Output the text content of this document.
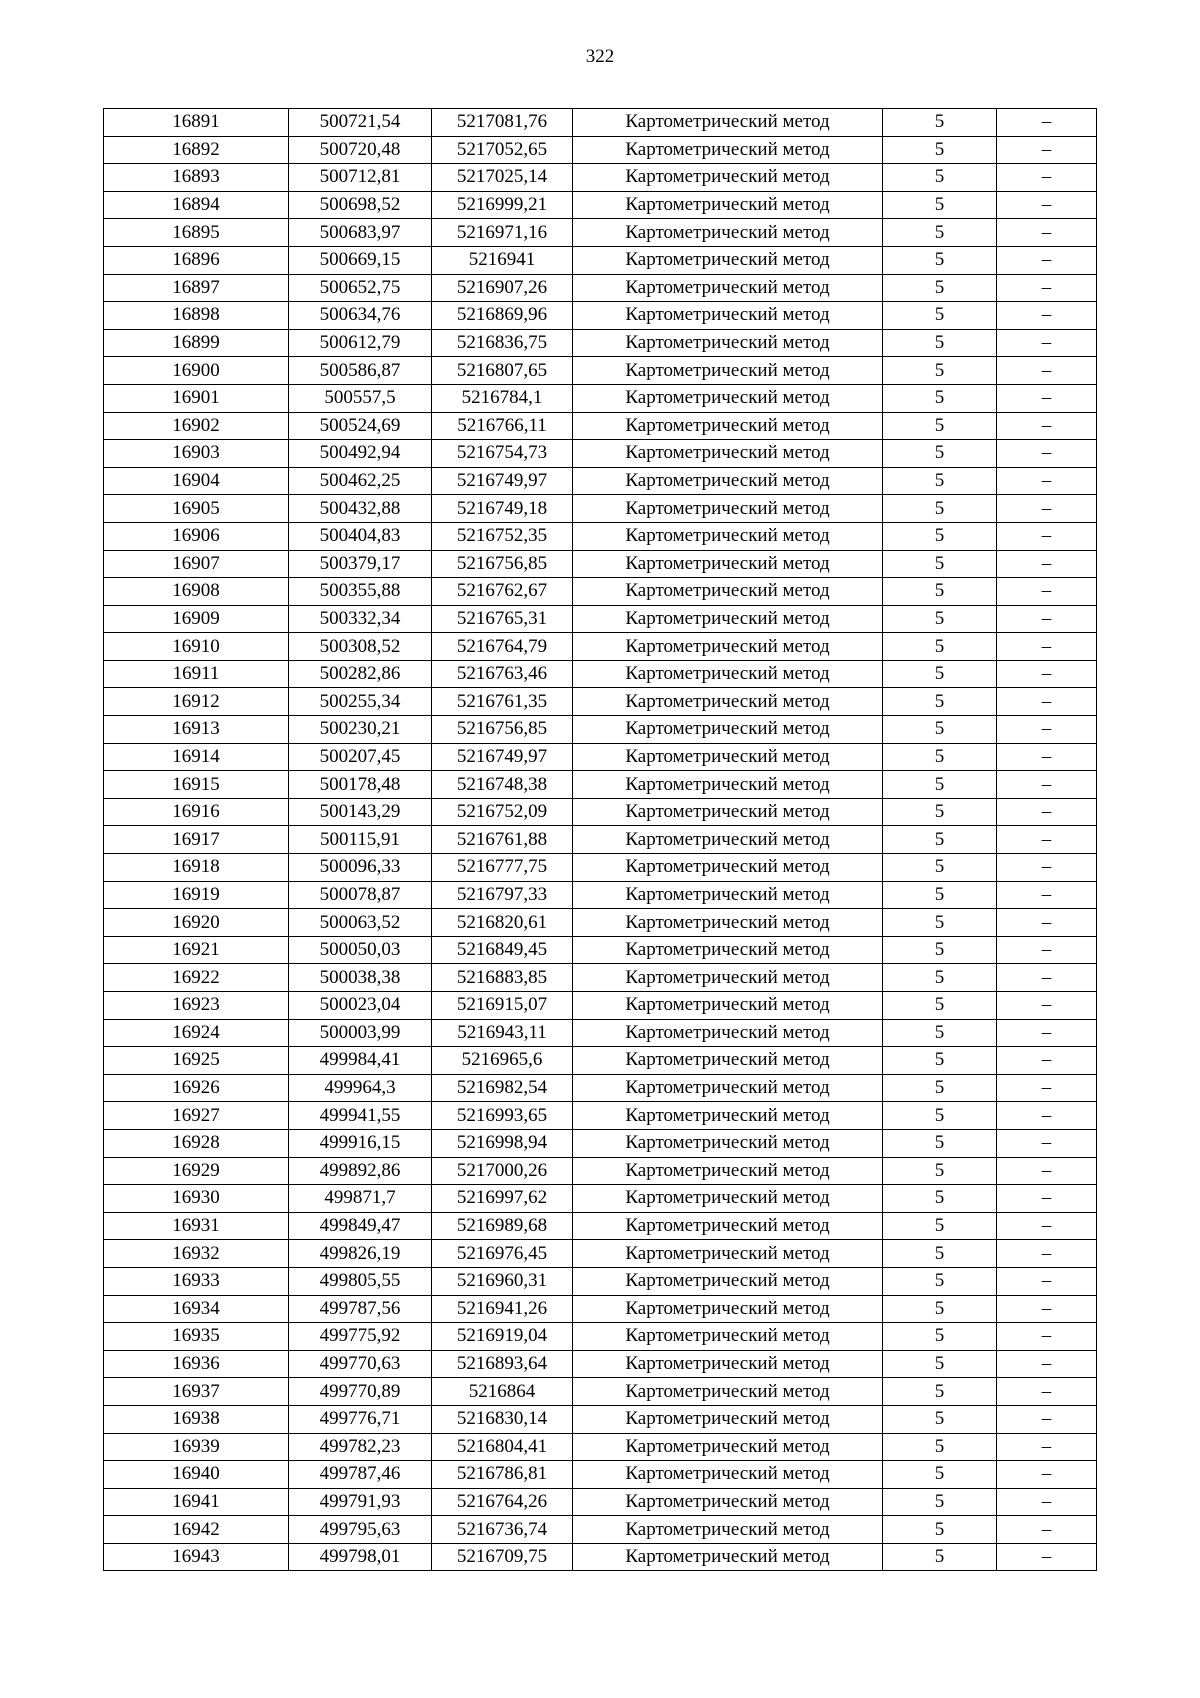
322
16891	500721,54	5217081,76	Картометрический метод	5	–
16892	500720,48	5217052,65	Картометрический метод	5	–
16893	500712,81	5217025,14	Картометрический метод	5	–
16894	500698,52	5216999,21	Картометрический метод	5	–
16895	500683,97	5216971,16	Картометрический метод	5	–
16896	500669,15	5216941	Картометрический метод	5	–
16897	500652,75	5216907,26	Картометрический метод	5	–
16898	500634,76	5216869,96	Картометрический метод	5	–
16899	500612,79	5216836,75	Картометрический метод	5	–
16900	500586,87	5216807,65	Картометрический метод	5	–
16901	500557,5	5216784,1	Картометрический метод	5	–
16902	500524,69	5216766,11	Картометрический метод	5	–
16903	500492,94	5216754,73	Картометрический метод	5	–
16904	500462,25	5216749,97	Картометрический метод	5	–
16905	500432,88	5216749,18	Картометрический метод	5	–
16906	500404,83	5216752,35	Картометрический метод	5	–
16907	500379,17	5216756,85	Картометрический метод	5	–
16908	500355,88	5216762,67	Картометрический метод	5	–
16909	500332,34	5216765,31	Картометрический метод	5	–
16910	500308,52	5216764,79	Картометрический метод	5	–
16911	500282,86	5216763,46	Картометрический метод	5	–
16912	500255,34	5216761,35	Картометрический метод	5	–
16913	500230,21	5216756,85	Картометрический метод	5	–
16914	500207,45	5216749,97	Картометрический метод	5	–
16915	500178,48	5216748,38	Картометрический метод	5	–
16916	500143,29	5216752,09	Картометрический метод	5	–
16917	500115,91	5216761,88	Картометрический метод	5	–
16918	500096,33	5216777,75	Картометрический метод	5	–
16919	500078,87	5216797,33	Картометрический метод	5	–
16920	500063,52	5216820,61	Картометрический метод	5	–
16921	500050,03	5216849,45	Картометрический метод	5	–
16922	500038,38	5216883,85	Картометрический метод	5	–
16923	500023,04	5216915,07	Картометрический метод	5	–
16924	500003,99	5216943,11	Картометрический метод	5	–
16925	499984,41	5216965,6	Картометрический метод	5	–
16926	499964,3	5216982,54	Картометрический метод	5	–
16927	499941,55	5216993,65	Картометрический метод	5	–
16928	499916,15	5216998,94	Картометрический метод	5	–
16929	499892,86	5217000,26	Картометрический метод	5	–
16930	499871,7	5216997,62	Картометрический метод	5	–
16931	499849,47	5216989,68	Картометрический метод	5	–
16932	499826,19	5216976,45	Картометрический метод	5	–
16933	499805,55	5216960,31	Картометрический метод	5	–
16934	499787,56	5216941,26	Картометрический метод	5	–
16935	499775,92	5216919,04	Картометрический метод	5	–
16936	499770,63	5216893,64	Картометрический метод	5	–
16937	499770,89	5216864	Картометрический метод	5	–
16938	499776,71	5216830,14	Картометрический метод	5	–
16939	499782,23	5216804,41	Картометрический метод	5	–
16940	499787,46	5216786,81	Картометрический метод	5	–
16941	499791,93	5216764,26	Картометрический метод	5	–
16942	499795,63	5216736,74	Картометрический метод	5	–
16943	499798,01	5216709,75	Картометрический метод	5	–
